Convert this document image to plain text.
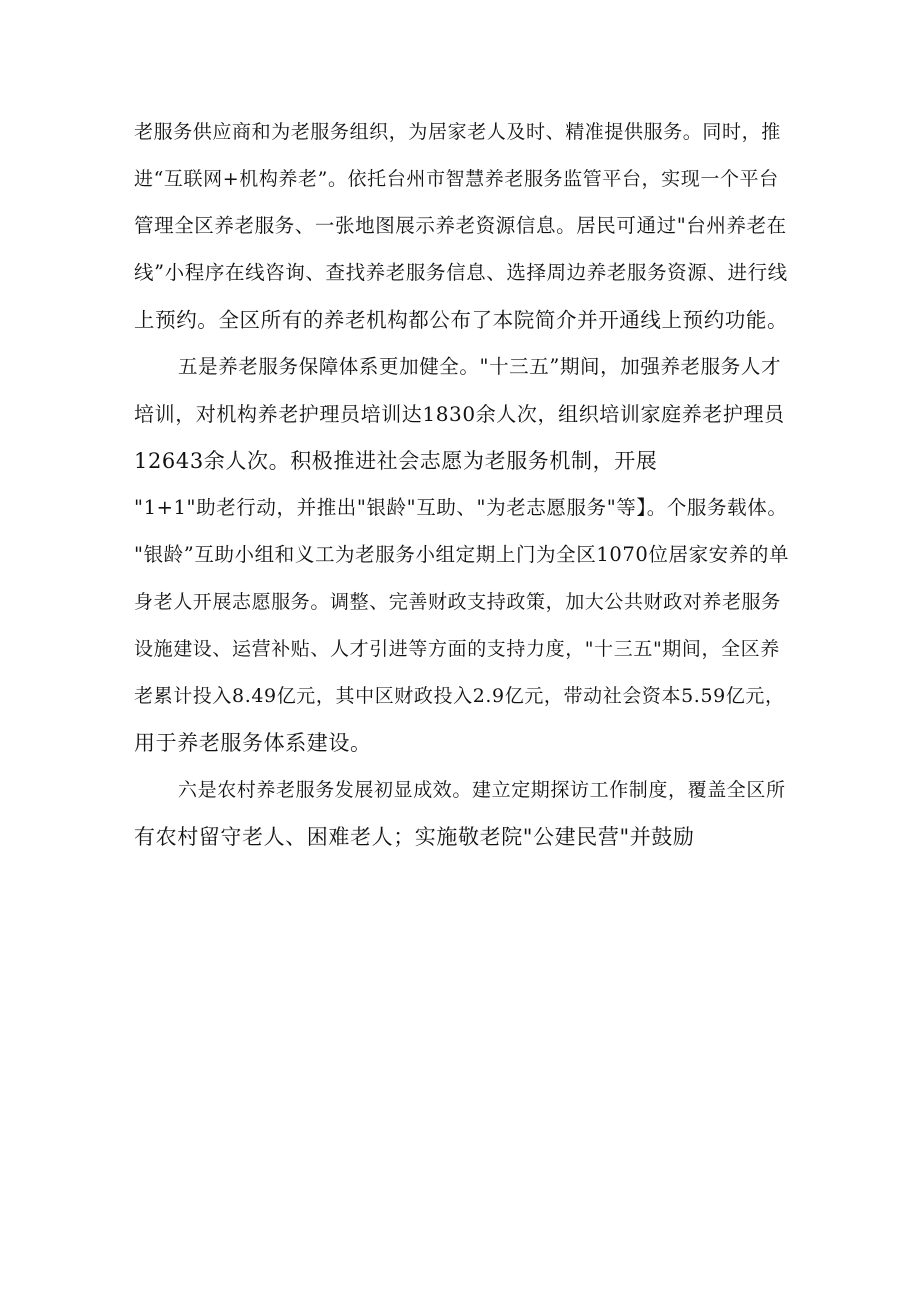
老服务供应商和为老服务组织，为居家老人及时、精准提供服务。同时，推
进“互联网+机构养老”。依托台州市智慧养老服务监管平台，实现一个平台
管理全区养老服务、一张地图展示养老资源信息。居民可通过"台州养老在
线”小程序在线咨询、查找养老服务信息、选择周边养老服务资源、进行线
上预约。全区所有的养老机构都公布了本院简介并开通线上预约功能。
五是养老服务保障体系更加健全。"十三五”期间，加强养老服务人才
培训，对机构养老护理员培训达1830余人次，组织培训家庭养老护理员
12643余人次。积极推进社会志愿为老服务机制，开展
"1+1"助老行动，并推出"银龄"互助、"为老志愿服务"等】。个服务载体。
"银龄”互助小组和义工为老服务小组定期上门为全区1070位居家安养的单
身老人开展志愿服务。调整、完善财政支持政策，加大公共财政对养老服务
设施建设、运营补贴、人才引进等方面的支持力度，"十三五"期间，全区养
老累计投入8.49亿元，其中区财政投入2.9亿元，带动社会资本5.59亿元，
用于养老服务体系建设。
六是农村养老服务发展初显成效。建立定期探访工作制度，覆盖全区所
有农村留守老人、困难老人；实施敬老院"公建民营"并鼓励
